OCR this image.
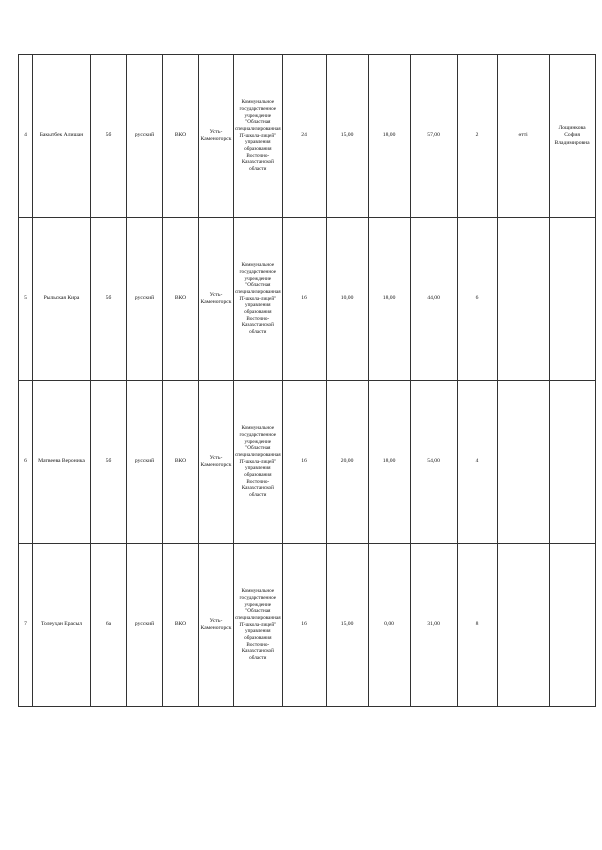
4	Бакытбек Алишан	5б	русский	ВКО	Усть-Каменогорск	Коммунальное государственное учреждение "Областная специализированная IT-школа-лицей" управления образования Восточно-Казахстанской области	24	15,00	18,00	57,00	2	өтті	Лощинкова София Владимировна
5	Рыльская Кира	5б	русский	ВКО	Усть-Каменогорск	Коммунальное государственное учреждение "Областная специализированная IT-школа-лицей" управления образования Восточно-Казахстанской области	16	10,00	18,00	44,00	6		
6	Матвеева Вероника	5б	русский	ВКО	Усть-Каменогорск	Коммунальное государственное учреждение "Областная специализированная IT-школа-лицей" управления образования Восточно-Казахстанской области	16	20,00	18,00	54,00	4		
7	Толеуҳан Ерасыл	6а	русский	ВКО	Усть-Каменогорск	Коммунальное государственное учреждение "Областная специализированная IT-школа-лицей" управления образования Восточно-Казахстанской области	16	15,00	0,00	31,00	8		
